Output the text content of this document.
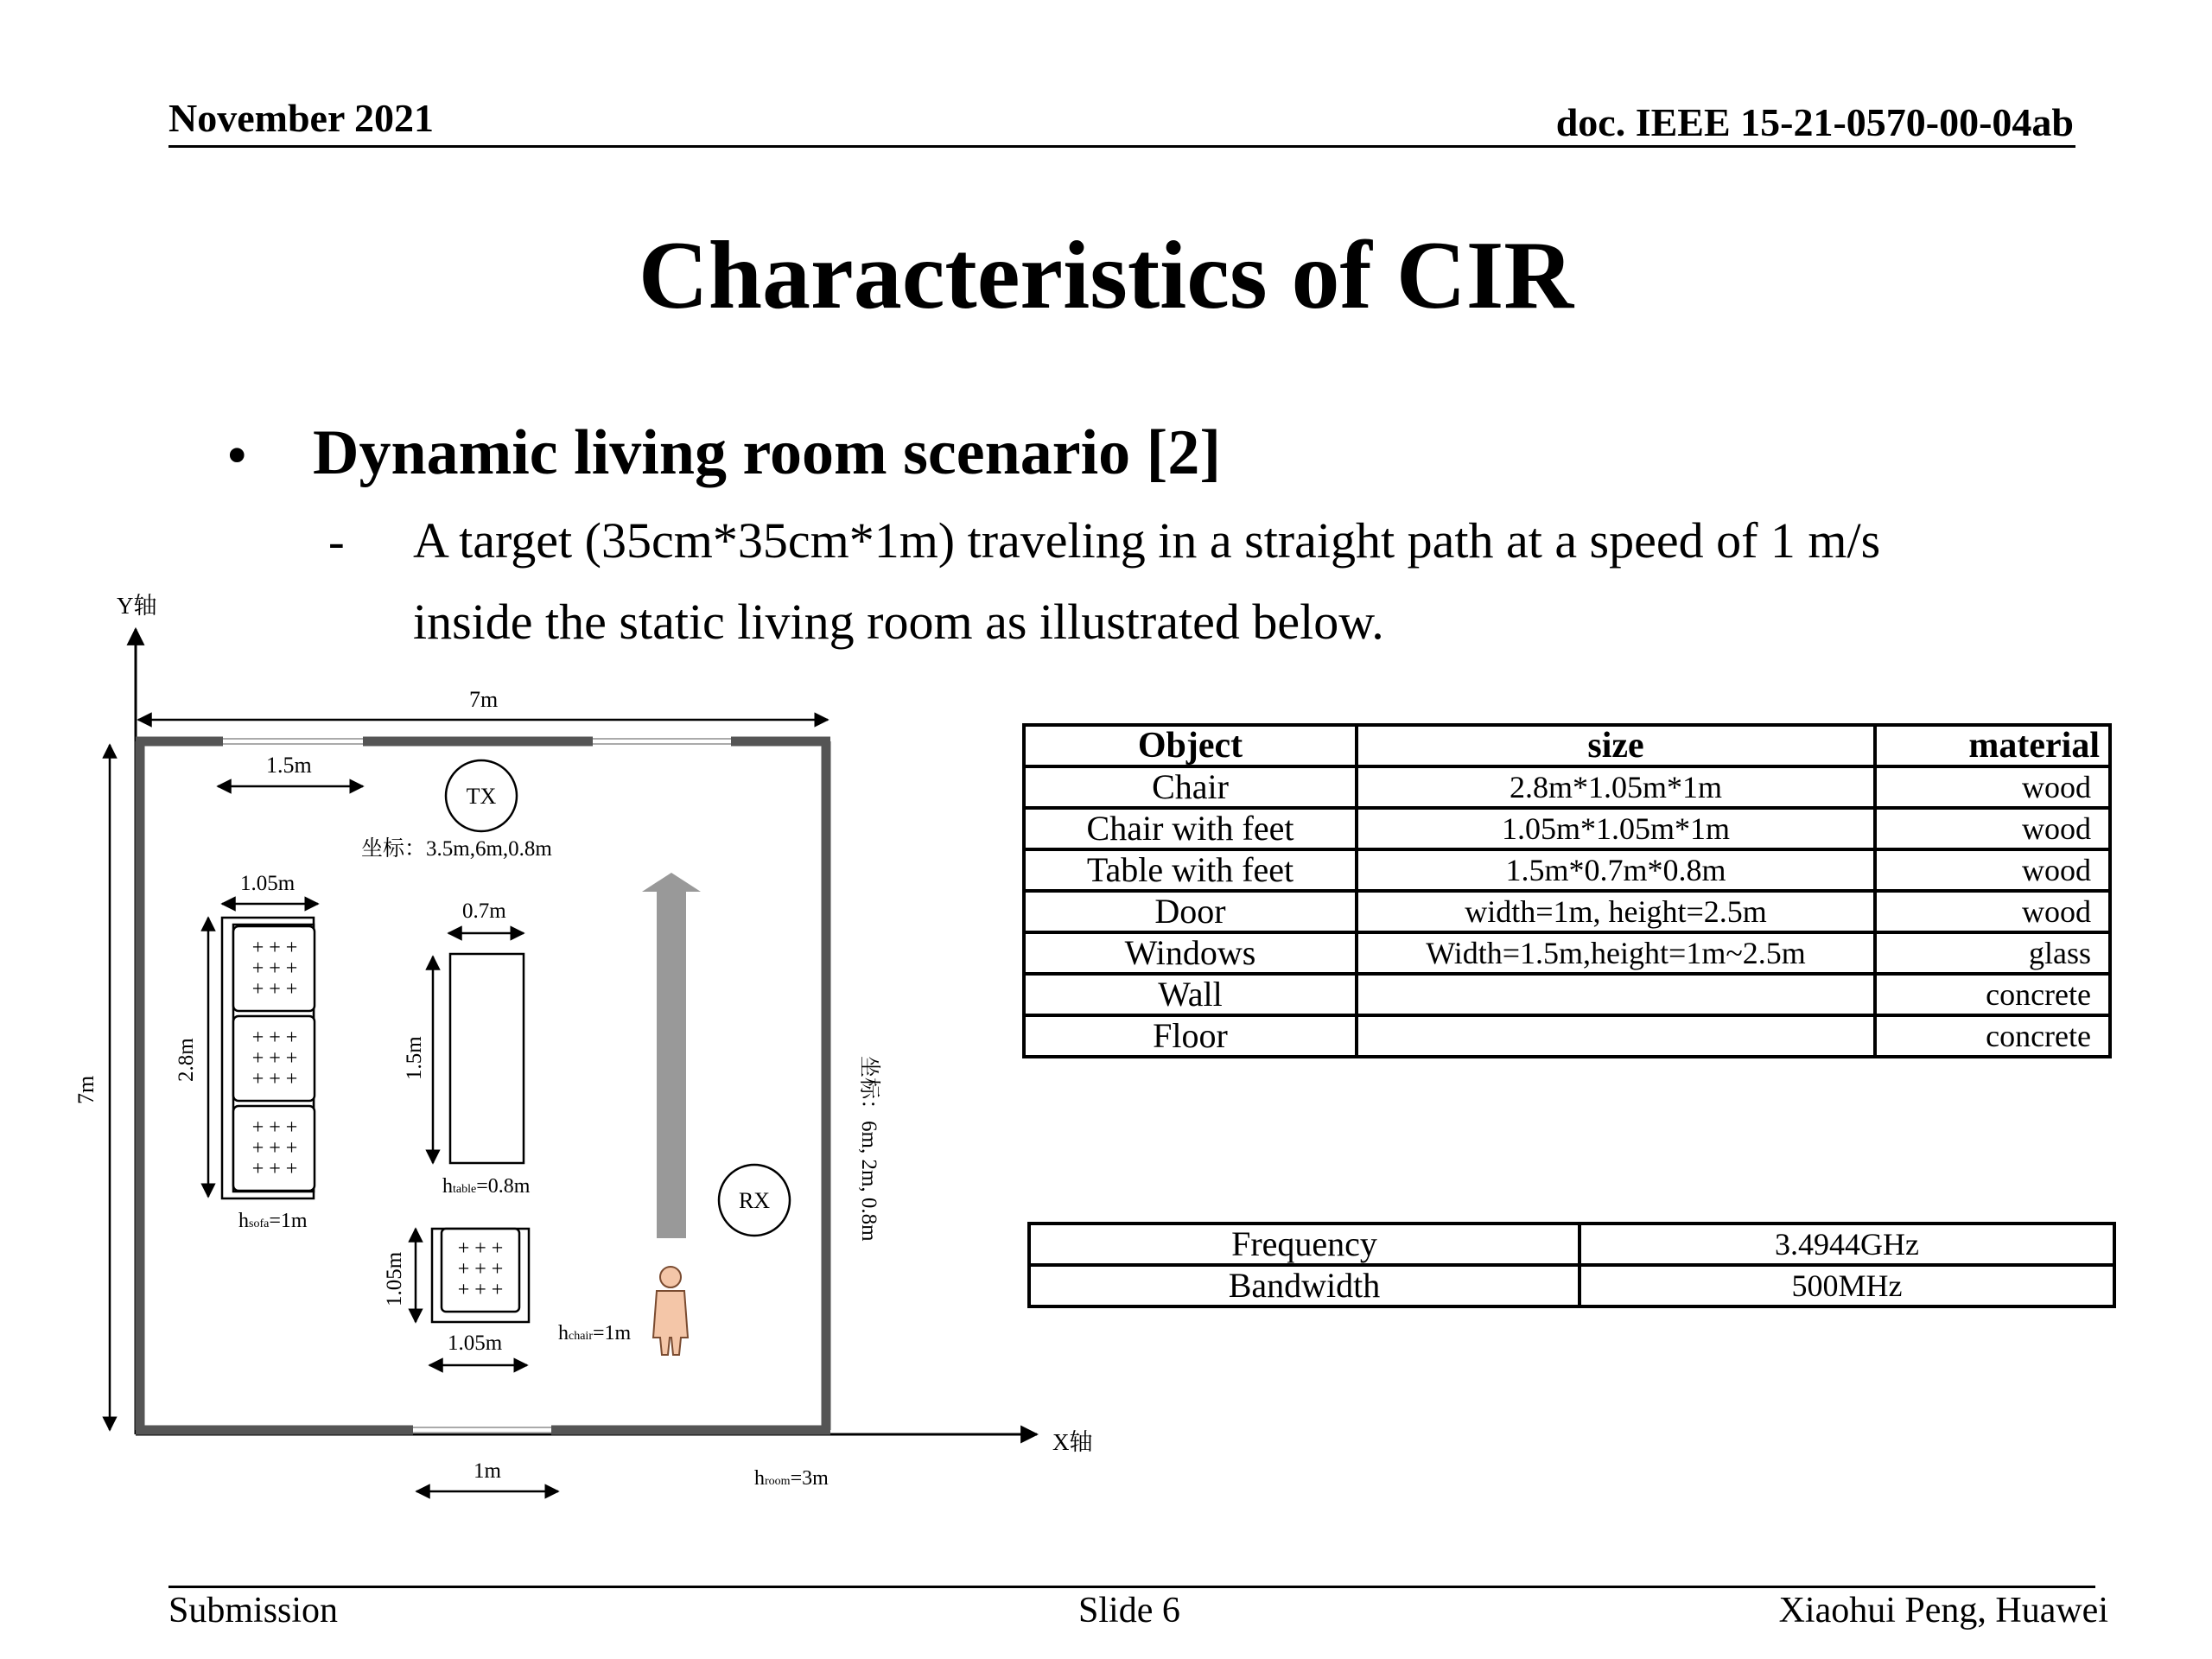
November 2021	doc. IEEE 15-21-0570-00-04ab
Characteristics of CIR
• Dynamic living room scenario [2]
- A target (35cm*35cm*1m) traveling in a straight path at a speed of 1 m/s
inside the static living room as illustrated below.
Y轴
X轴
7m
7m
1.5m
TX
坐标：3.5m,6m,0.8m
1.05m
2.8m
+ + +
+ + +
+ + +
+ + +
+ + +
+ + +
+ + +
+ + +
+ + +
hsofa=1m
0.7m
1.5m
htable=0.8m
1.05m
+ + +
+ + +
+ + +
1.05m	hchair=1m
RX	坐标：6m, 2m, 0.8m
1m	hroom=3m
Object	size	material
Chair	2.8m*1.05m*1m	wood
Chair with feet	1.05m*1.05m*1m	wood
Table with feet	1.5m*0.7m*0.8m	wood
Door	width=1m, height=2.5m	wood
Windows	Width=1.5m,height=1m~2.5m	glass
Wall		concrete
Floor		concrete
Frequency	3.4944GHz
Bandwidth	500MHz
Submission	Slide 6	Xiaohui Peng, Huawei
